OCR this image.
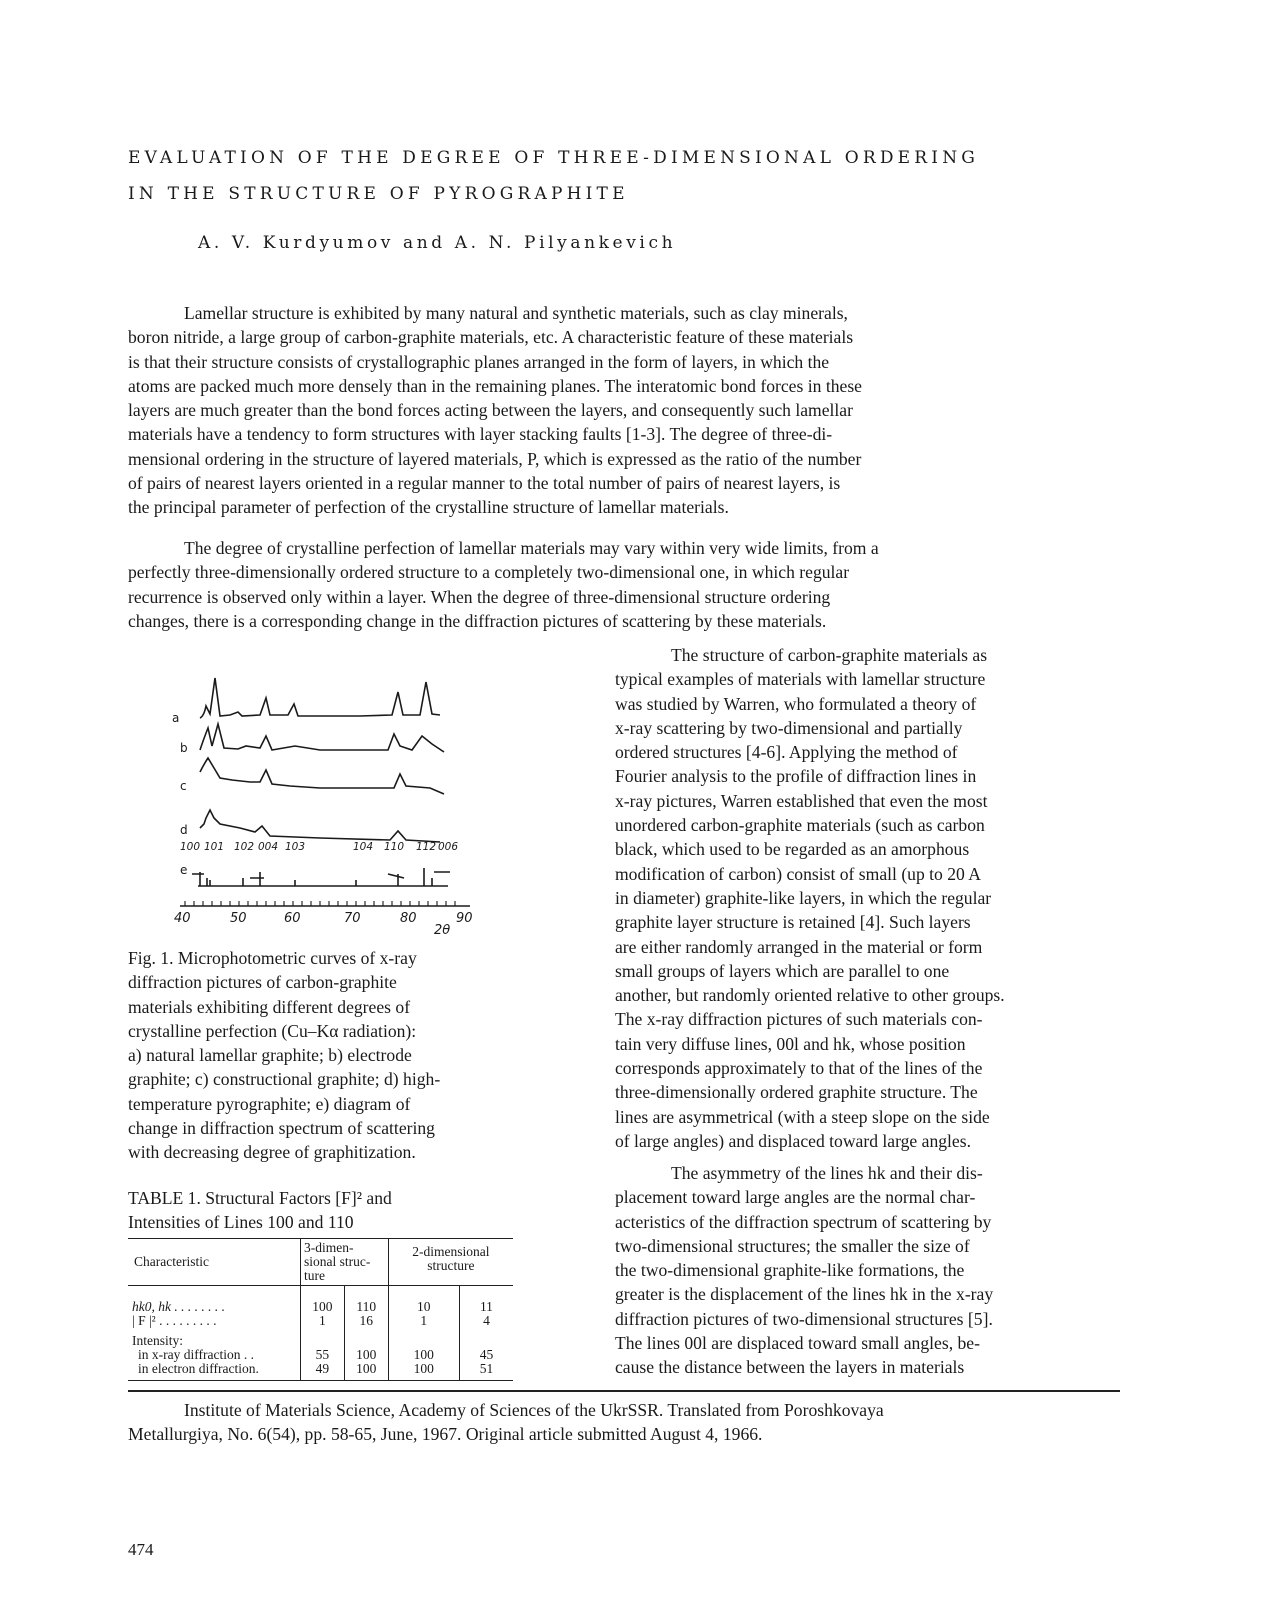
EVALUATION OF THE DEGREE OF THREE-DIMENSIONAL ORDERING
IN THE STRUCTURE OF PYROGRAPHITE
A. V. Kurdyumov and A. N. Pilyankevich

Lamellar structure is exhibited by many natural and synthetic materials, such as clay minerals,
boron nitride, a large group of carbon-graphite materials, etc. A characteristic feature of these materials
is that their structure consists of crystallographic planes arranged in the form of layers, in which the
atoms are packed much more densely than in the remaining planes. The interatomic bond forces in these
layers are much greater than the bond forces acting between the layers, and consequently such lamellar
materials have a tendency to form structures with layer stacking faults [1-3]. The degree of three-di-
mensional ordering in the structure of layered materials, P, which is expressed as the ratio of the number
of pairs of nearest layers oriented in a regular manner to the total number of pairs of nearest layers, is
the principal parameter of perfection of the crystalline structure of lamellar materials.

The degree of crystalline perfection of lamellar materials may vary within very wide limits, from a
perfectly three-dimensionally ordered structure to a completely two-dimensional one, in which regular
recurrence is observed only within a layer. When the degree of three-dimensional structure ordering
changes, there is a corresponding change in the diffraction pictures of scattering by these materials.

a
b
c
d
e
100 101 102 004 103	104 110 112 006
40	50	60	70	80	90
2θ
Fig. 1. Microphotometric curves of x-ray
diffraction pictures of carbon-graphite
materials exhibiting different degrees of
crystalline perfection (Cu–Kα radiation):
a) natural lamellar graphite; b) electrode
graphite; c) constructional graphite; d) high-
temperature pyrographite; e) diagram of
change in diffraction spectrum of scattering
with decreasing degree of graphitization.
TABLE 1. Structural Factors [F]² and
Intensities of Lines 100 and 110
Characteristic	3-dimen-sional struc-ture		2-dimensional structure	
hk0, hk . . . . . . . .	100	110	10	11
| F |² . . . . . . . . .	1	16	1	4
Intensity:				
in x-ray diffraction . .	55	100	100	45
in electron diffraction.	49	100	100	51

The structure of carbon-graphite materials as
typical examples of materials with lamellar structure
was studied by Warren, who formulated a theory of
x-ray scattering by two-dimensional and partially
ordered structures [4-6]. Applying the method of
Fourier analysis to the profile of diffraction lines in
x-ray pictures, Warren established that even the most
unordered carbon-graphite materials (such as carbon
black, which used to be regarded as an amorphous
modification of carbon) consist of small (up to 20 A
in diameter) graphite-like layers, in which the regular
graphite layer structure is retained [4]. Such layers
are either randomly arranged in the material or form
small groups of layers which are parallel to one
another, but randomly oriented relative to other groups.
The x-ray diffraction pictures of such materials con-
tain very diffuse lines, 00l and hk, whose position
corresponds approximately to that of the lines of the
three-dimensionally ordered graphite structure. The
lines are asymmetrical (with a steep slope on the side
of large angles) and displaced toward large angles.

The asymmetry of the lines hk and their dis-
placement toward large angles are the normal char-
acteristics of the diffraction spectrum of scattering by
two-dimensional structures; the smaller the size of
the two-dimensional graphite-like formations, the
greater is the displacement of the lines hk in the x-ray
diffraction pictures of two-dimensional structures [5].
The lines 00l are displaced toward small angles, be-
cause the distance between the layers in materials

Institute of Materials Science, Academy of Sciences of the UkrSSR. Translated from Poroshkovaya
Metallurgiya, No. 6(54), pp. 58-65, June, 1967. Original article submitted August 4, 1966.
474
